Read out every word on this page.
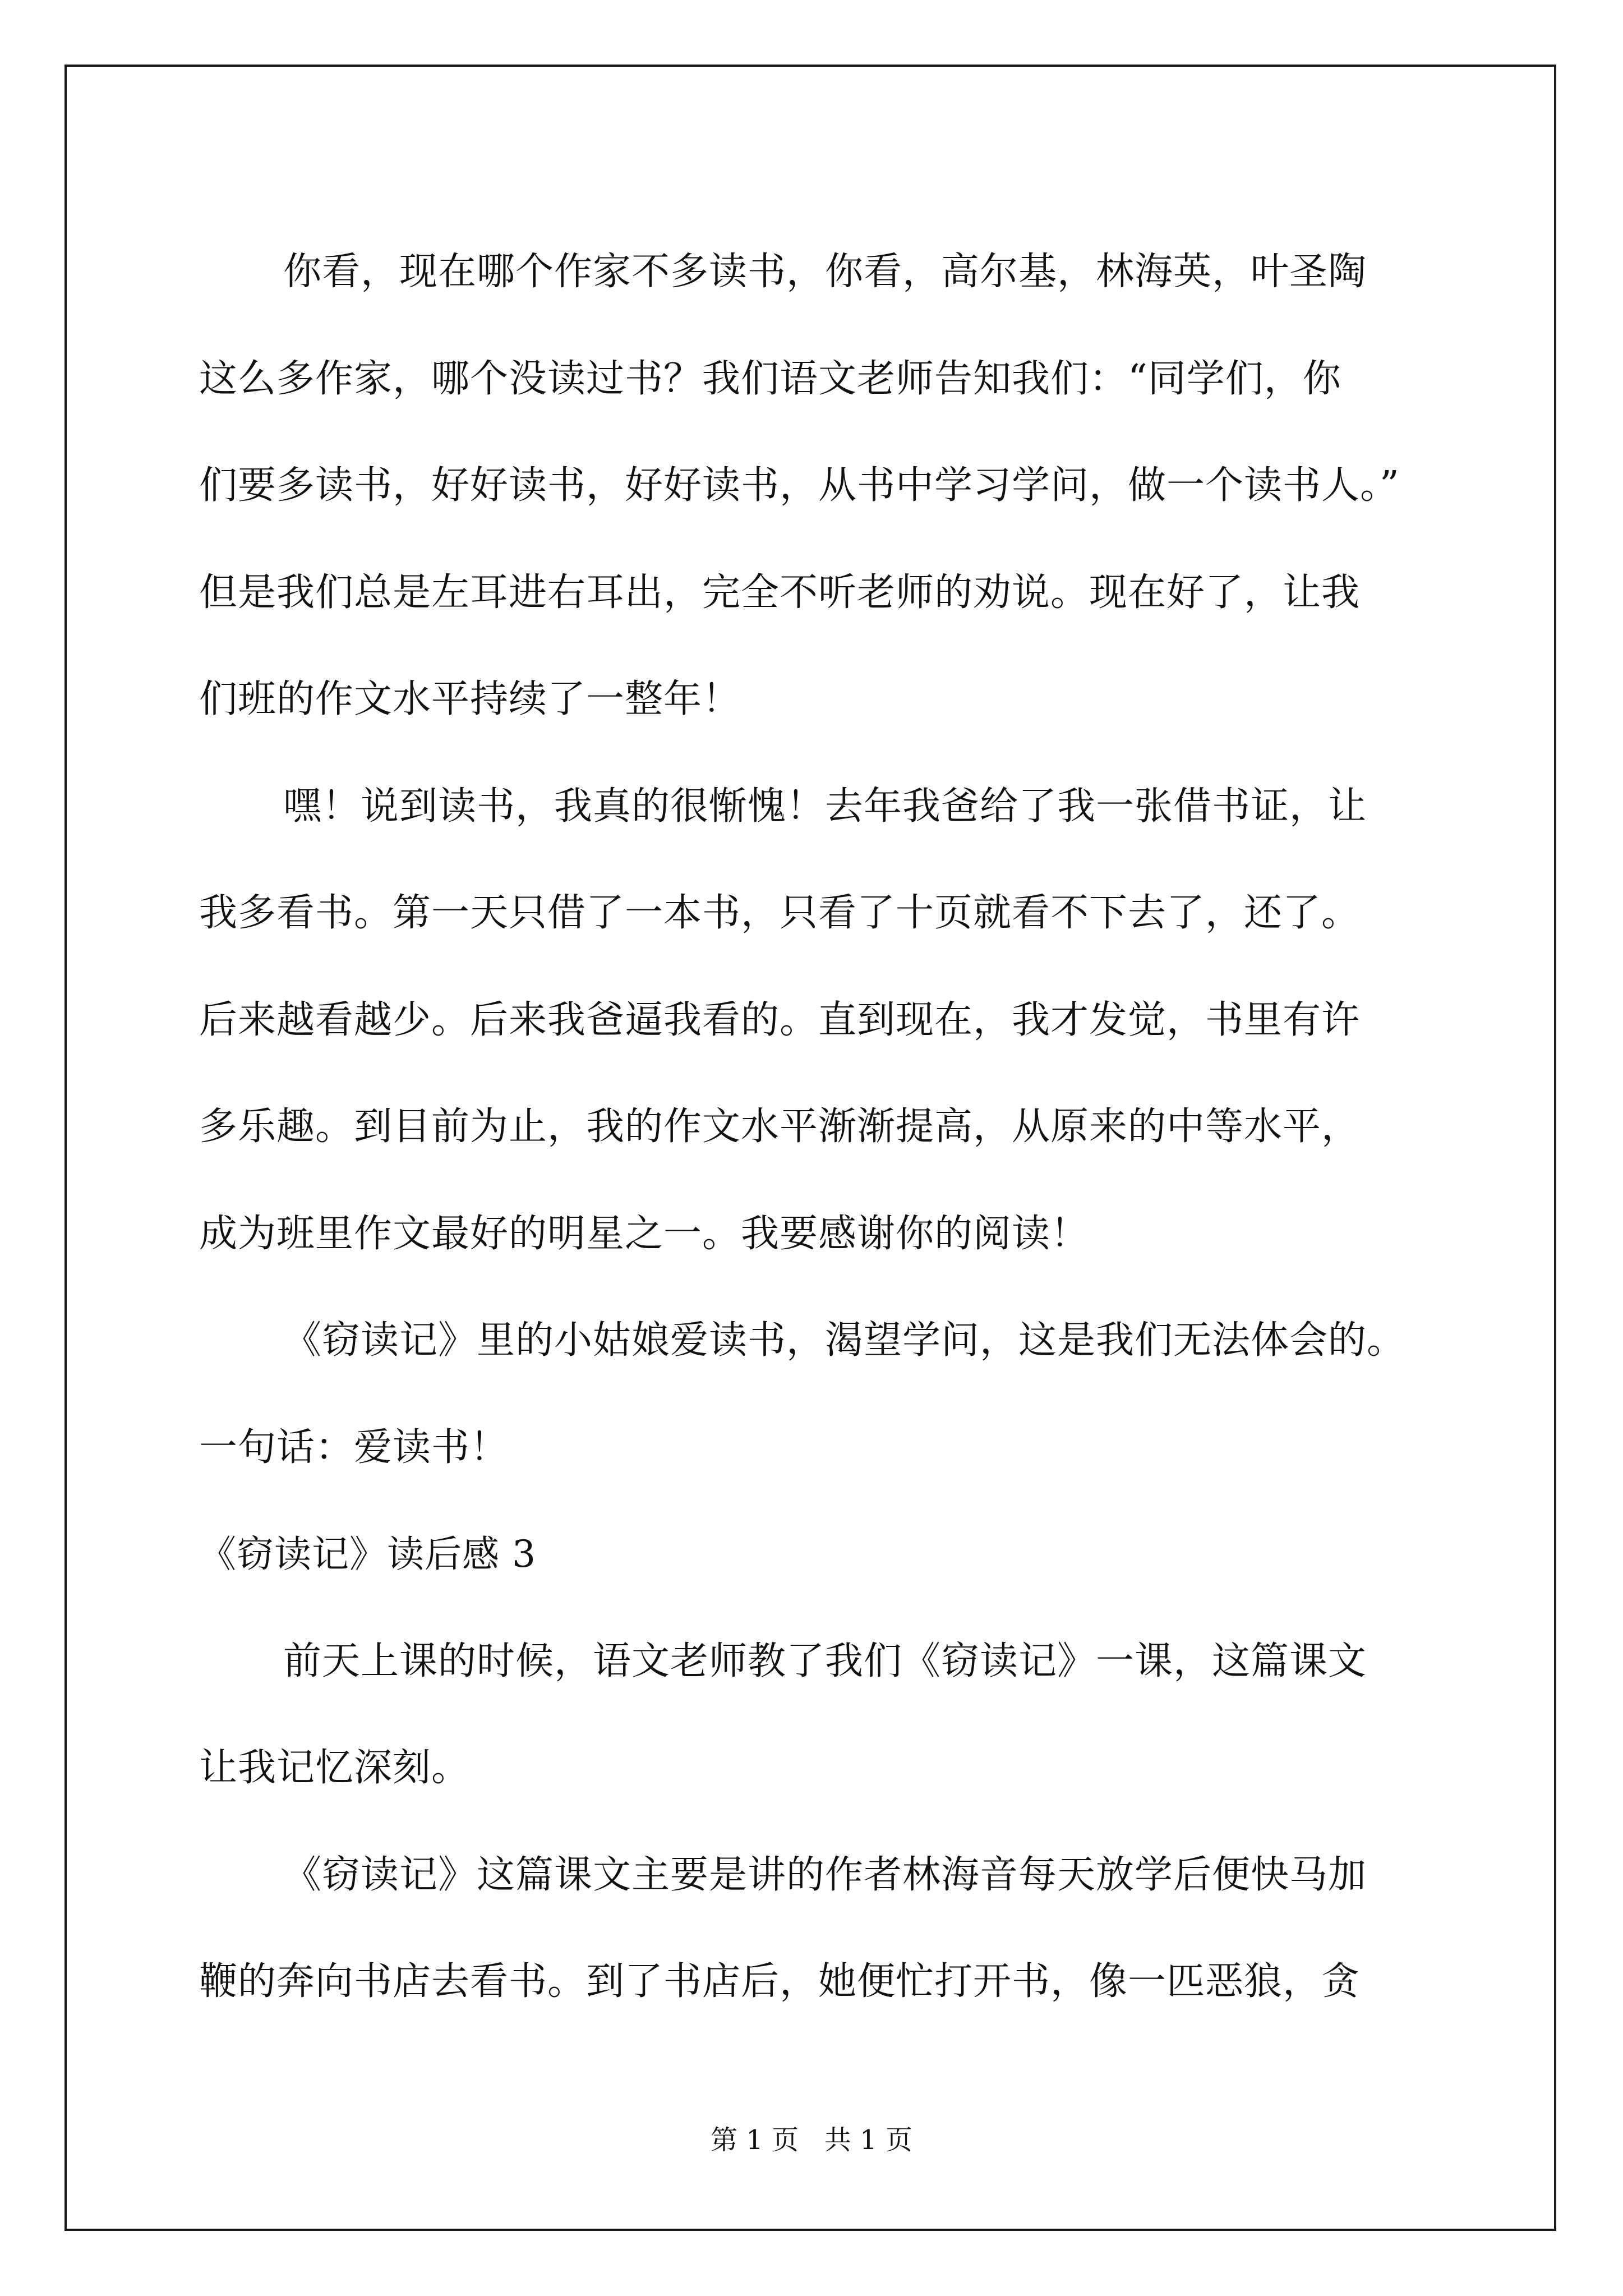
你看，现在哪个作家不多读书，你看，高尔基，林海英，叶圣陶
这么多作家，哪个没读过书？我们语文老师告知我们：“同学们，你
们要多读书，好好读书，好好读书，从书中学习学问，做一个读书人。”
但是我们总是左耳进右耳出，完全不听老师的劝说。现在好了，让我
们班的作文水平持续了一整年！
嘿！说到读书，我真的很惭愧！去年我爸给了我一张借书证，让
我多看书。第一天只借了一本书，只看了十页就看不下去了，还了。
后来越看越少。后来我爸逼我看的。直到现在，我才发觉，书里有许
多乐趣。到目前为止，我的作文水平渐渐提高，从原来的中等水平，
成为班里作文最好的明星之一。我要感谢你的阅读！
《窃读记》里的小姑娘爱读书，渴望学问，这是我们无法体会的。
一句话：爱读书！
《窃读记》读后感 3
前天上课的时候，语文老师教了我们《窃读记》一课，这篇课文
让我记忆深刻。
《窃读记》这篇课文主要是讲的作者林海音每天放学后便快马加
鞭的奔向书店去看书。到了书店后，她便忙打开书，像一匹恶狼，贪
第 1 页   共 1 页
